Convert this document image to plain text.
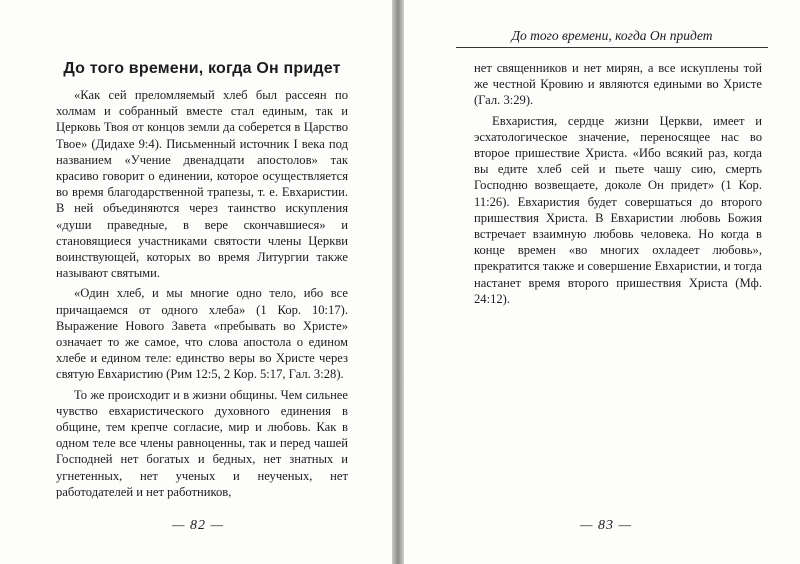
До того времени, когда Он придет

«Как сей преломляемый хлеб был рассеян по холмам и собранный вместе стал единым, так и Церковь Твоя от концов земли да соберется в Царство Твое» (Дидахе 9:4). Письменный источник I века под названием «Учение двенадцати апостолов» так красиво говорит о единении, которое осуществляется во время благодарственной трапезы, т. е. Евхаристии. В ней объединяются через таинство искупления «души праведные, в вере скончавшиеся» и становящиеся участниками святости члены Церкви воинствующей, которых во время Литургии также называют святыми.

«Один хлеб, и мы многие одно тело, ибо все причащаемся от одного хлеба» (1 Кор. 10:17). Выражение Нового Завета «пребывать во Христе» означает то же самое, что слова апостола о едином хлебе и едином теле: единство веры во Христе через святую Евхаристию (Рим 12:5, 2 Кор. 5:17, Гал. 3:28).

То же происходит и в жизни общины. Чем сильнее чувство евхаристического духовного единения в общине, тем крепче согласие, мир и любовь. Как в одном теле все члены равноценны, так и перед чашей Господней нет богатых и бедных, нет знатных и угнетенных, нет ученых и неученых, нет работодателей и нет работников,

— 82 —
До того времени, когда Он придет

нет священников и нет мирян, а все искуплены той же честной Кровию и являются едиными во Христе (Гал. 3:29).

Евхаристия, сердце жизни Церкви, имеет и эсхатологическое значение, переносящее нас во второе пришествие Христа. «Ибо всякий раз, когда вы едите хлеб сей и пьете чашу сию, смерть Господню возвещаете, доколе Он придет» (1 Кор. 11:26). Евхаристия будет совершаться до второго пришествия Христа. В Евхаристии любовь Божия встречает взаимную любовь человека. Но когда в конце времен «во многих охладеет любовь», прекратится также и совершение Евхаристии, и тогда настанет время второго пришествия Христа (Мф. 24:12).

— 83 —
